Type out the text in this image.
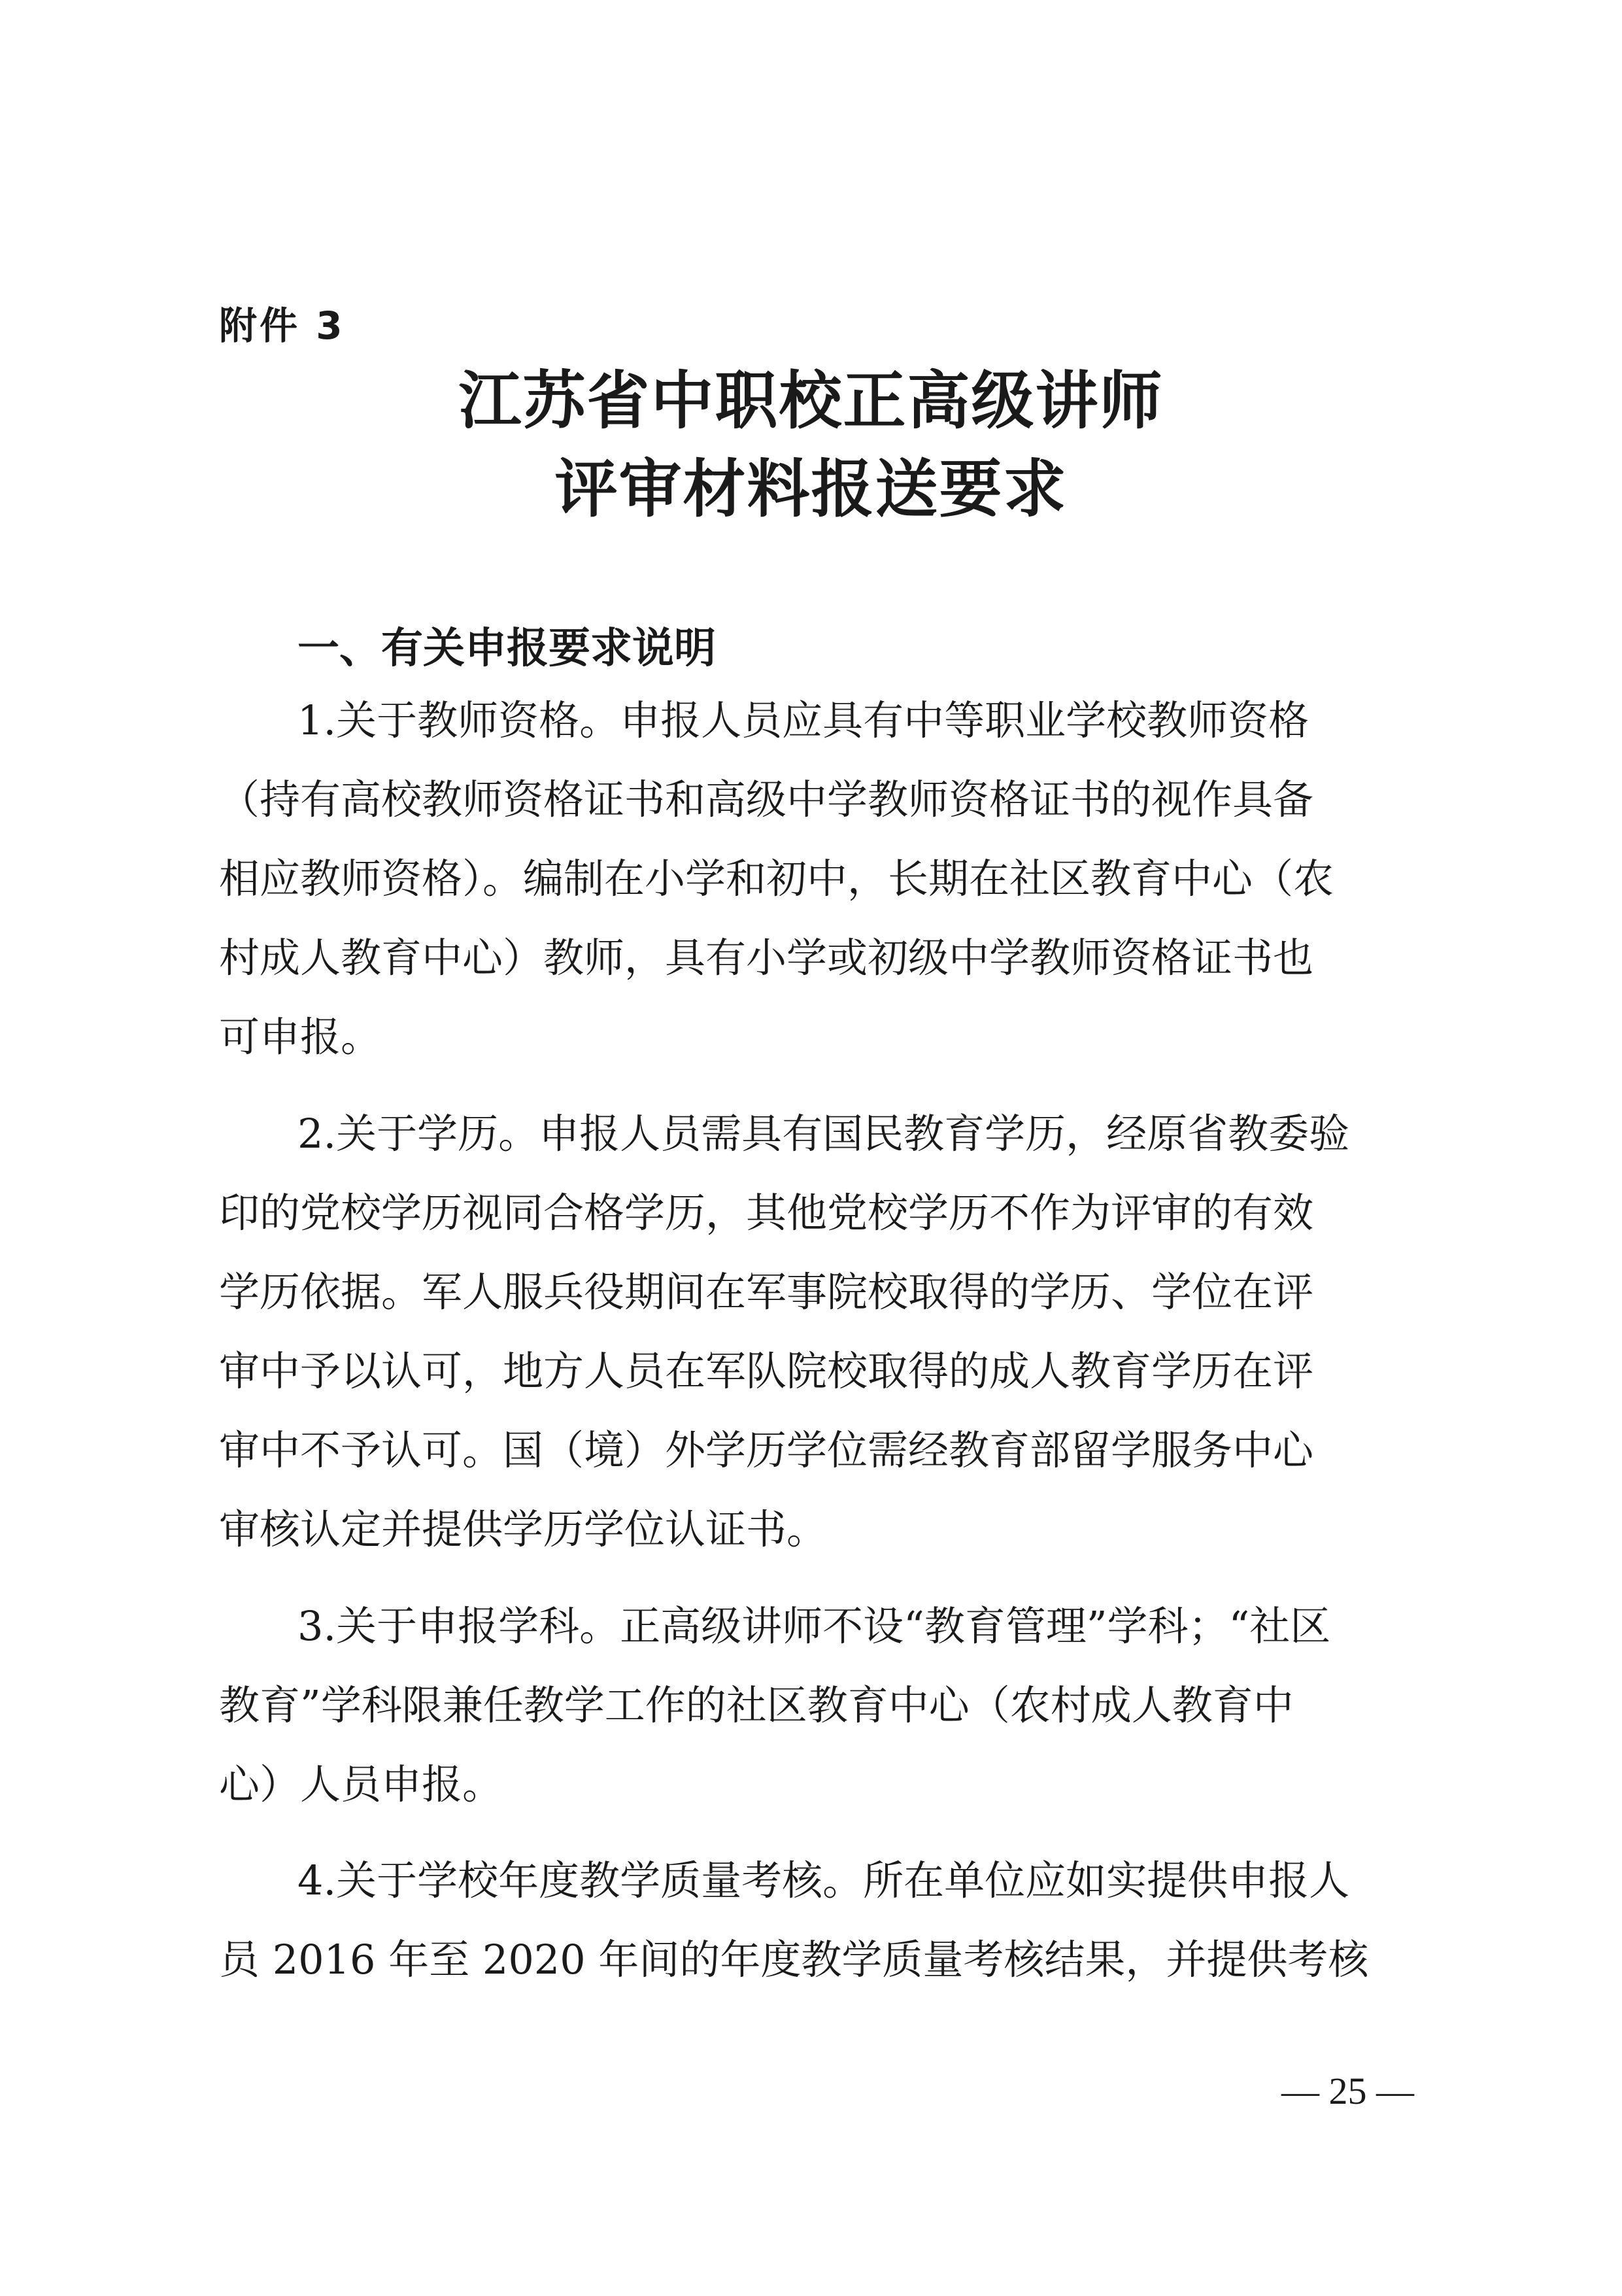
附件 3
江苏省中职校正高级讲师
评审材料报送要求
一、有关申报要求说明
1.关于教师资格。申报人员应具有中等职业学校教师资格
（持有高校教师资格证书和高级中学教师资格证书的视作具备
相应教师资格）。编制在小学和初中，长期在社区教育中心（农
村成人教育中心）教师，具有小学或初级中学教师资格证书也
可申报。
2.关于学历。申报人员需具有国民教育学历，经原省教委验
印的党校学历视同合格学历，其他党校学历不作为评审的有效
学历依据。军人服兵役期间在军事院校取得的学历、学位在评
审中予以认可，地方人员在军队院校取得的成人教育学历在评
审中不予认可。国（境）外学历学位需经教育部留学服务中心
审核认定并提供学历学位认证书。
3.关于申报学科。正高级讲师不设“教育管理”学科；“社区
教育”学科限兼任教学工作的社区教育中心（农村成人教育中
心）人员申报。
4.关于学校年度教学质量考核。所在单位应如实提供申报人
员 2016 年至 2020 年间的年度教学质量考核结果，并提供考核
— 25 —
